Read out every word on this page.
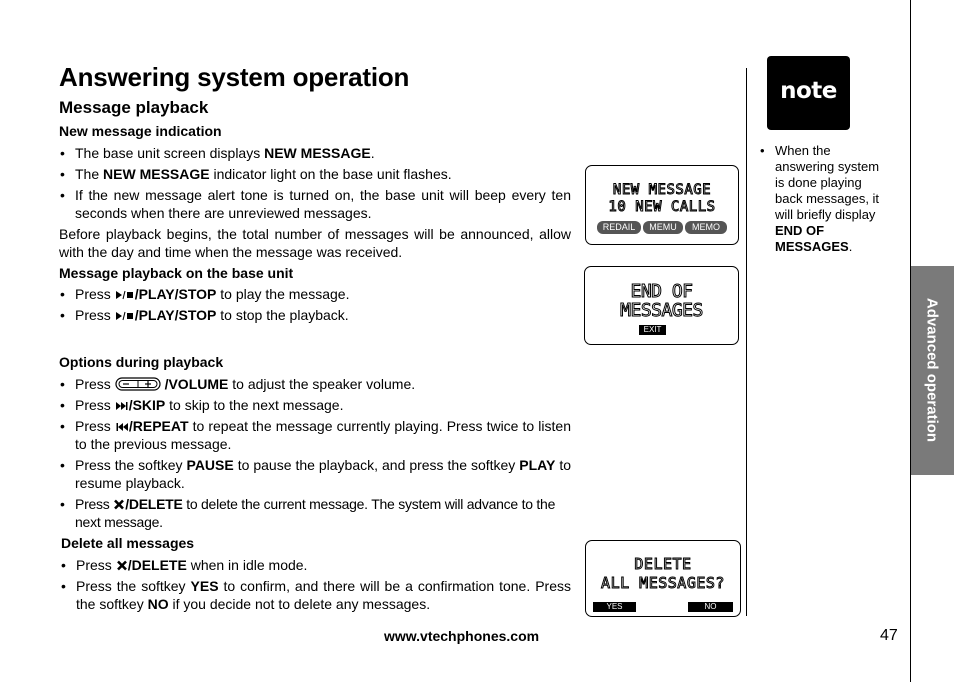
Answering system operation
Message playback
New message indication
• The base unit screen displays NEW MESSAGE.
• The NEW MESSAGE indicator light on the base unit flashes.
• If the new message alert tone is turned on, the base unit will beep every ten seconds when there are unreviewed messages.
Before playback begins, the total number of messages will be announced, allow with the day and time when the message was received.
Message playback on the base unit
• Press /PLAY/STOP to play the message.
• Press /PLAY/STOP to stop the playback.
Options during playback
• Press	/VOLUME to adjust the speaker volume.
• Press /SKIP to skip to the next message.
• Press /REPEAT to repeat the message currently playing. Press twice to listen to the previous message.
• Press the softkey PAUSE to pause the playback, and press the softkey PLAY to resume playback.
• Press /DELETE to delete the current message. The system will advance to the next message.
Delete all messages
• Press /DELETE when in idle mode.
• Press the softkey YES to confirm, and there will be a confirmation tone. Press the softkey NO if you decide not to delete any messages.
NEW MESSAGE
10 NEW CALLS
REDAIL	MEMU	MEMO
END OF
MESSAGES
EXIT
DELETE
ALL MESSAGES?
YES	NO
note
• When the answering system is done playing back messages, it will briefly display END OF MESSAGES.
Advanced operation
www.vtechphones.com	47
